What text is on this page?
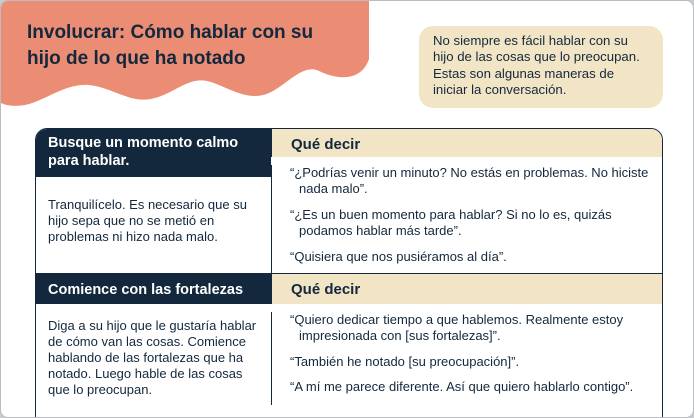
Involucrar: Cómo hablar con su hijo de lo que ha notado
No siempre es fácil hablar con su hijo de las cosas que lo preocupan. Estas son algunas maneras de iniciar la conversación.
Busque un momento calmo para hablar.
Qué decir
Tranquilícelo. Es necesario que su hijo sepa que no se metió en problemas ni hizo nada malo.

“¿Podrías venir un minuto? No estás en problemas. No hiciste nada malo”.

“¿Es un buen momento para hablar? Si no lo es, quizás podamos hablar más tarde”.

“Quisiera que nos pusiéramos al día”.

Comience con las fortalezas	Qué decir
Diga a su hijo que le gustaría hablar de cómo van las cosas. Comience hablando de las fortalezas que ha notado. Luego hable de las cosas que lo preocupan.

“Quiero dedicar tiempo a que hablemos. Realmente estoy impresionada con [sus fortalezas]”.

“También he notado [su preocupación]”.

“A mí me parece diferente. Así que quiero hablarlo contigo”.
